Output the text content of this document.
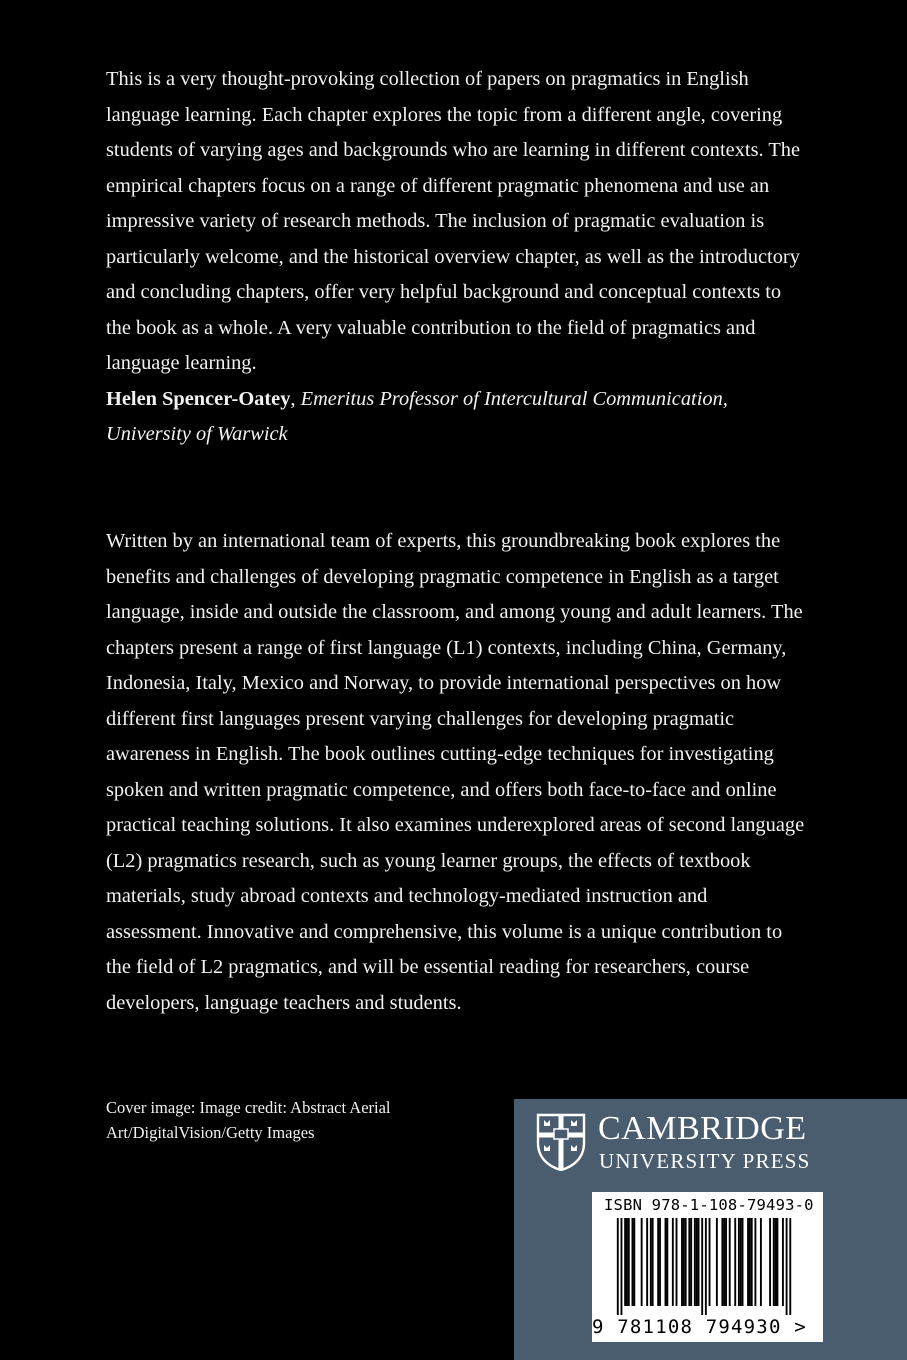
This is a very thought-provoking collection of papers on pragmatics in English language learning. Each chapter explores the topic from a different angle, covering students of varying ages and backgrounds who are learning in different contexts. The empirical chapters focus on a range of different pragmatic phenomena and use an impressive variety of research methods. The inclusion of pragmatic evaluation is particularly welcome, and the historical overview chapter, as well as the introductory and concluding chapters, offer very helpful background and conceptual contexts to the book as a whole. A very valuable contribution to the field of pragmatics and language learning.

Helen Spencer-Oatey, Emeritus Professor of Intercultural Communication, University of Warwick

Written by an international team of experts, this groundbreaking book explores the benefits and challenges of developing pragmatic competence in English as a target language, inside and outside the classroom, and among young and adult learners. The chapters present a range of first language (L1) contexts, including China, Germany, Indonesia, Italy, Mexico and Norway, to provide international perspectives on how different first languages present varying challenges for developing pragmatic awareness in English. The book outlines cutting-edge techniques for investigating spoken and written pragmatic competence, and offers both face-to-face and online practical teaching solutions. It also examines underexplored areas of second language (L2) pragmatics research, such as young learner groups, the effects of textbook materials, study abroad contexts and technology-mediated instruction and assessment. Innovative and comprehensive, this volume is a unique contribution to the field of L2 pragmatics, and will be essential reading for researchers, course developers, language teachers and students.

Cover image: Image credit: Abstract Aerial Art/DigitalVision/Getty Images	CAMBRIDGE
UNIVERSITY PRESS
ISBN 978-1-108-79493-0
9 781108 794930 >
